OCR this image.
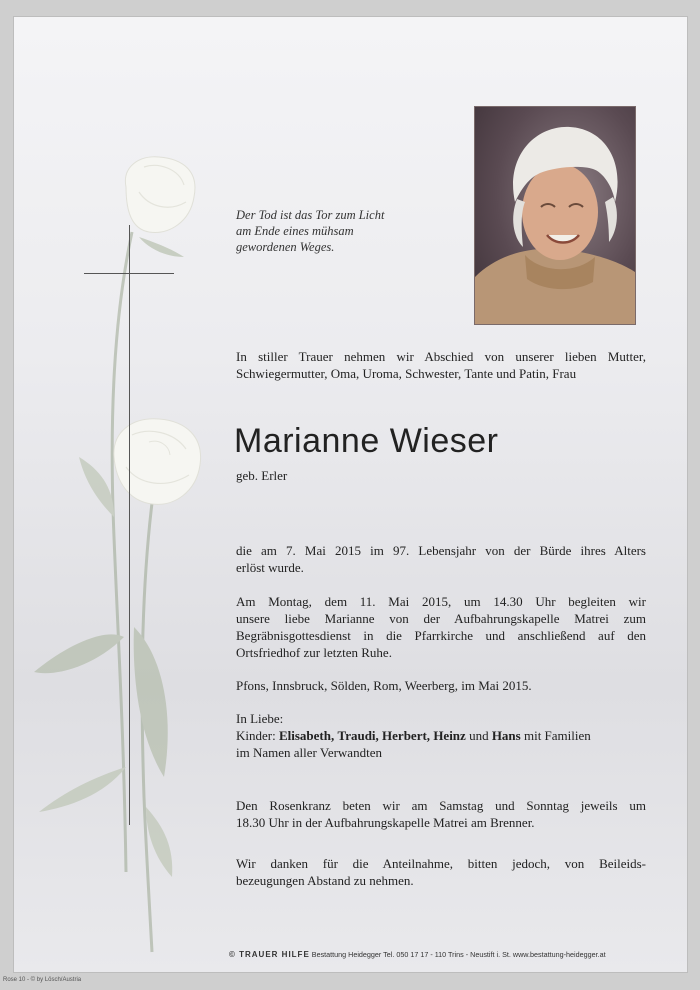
Der Tod ist das Tor zum Licht
am Ende eines mühsam
gewordenen Weges.
In stiller Trauer nehmen wir Abschied von unserer lieben Mutter,
Schwiegermutter, Oma, Uroma, Schwester, Tante und Patin, Frau
Marianne Wieser
geb. Erler
die am 7. Mai 2015 im 97. Lebensjahr von der Bürde ihres Alters
erlöst wurde.
Am Montag, dem 11. Mai 2015, um 14.30 Uhr begleiten wir
unsere liebe Marianne von der Aufbahrungskapelle Matrei zum
Begräbnisgottesdienst in die Pfarrkirche und anschließend auf den
Ortsfriedhof zur letzten Ruhe.
Pfons, Innsbruck, Sölden, Rom, Weerberg, im Mai 2015.
In Liebe:
Kinder: Elisabeth, Traudi, Herbert, Heinz und Hans mit Familien
im Namen aller Verwandten
Den Rosenkranz beten wir am Samstag und Sonntag jeweils um
18.30 Uhr in der Aufbahrungskapelle Matrei am Brenner.
Wir danken für die Anteilnahme, bitten jedoch, von Beileids-
bezeugungen Abstand zu nehmen.
© TRAUER HILFE Bestattung Heidegger Tel. 050 17 17 - 110 Trins - Neustift i. St. www.bestattung-heidegger.at
Rose 10 - © by Lösch/Austria
